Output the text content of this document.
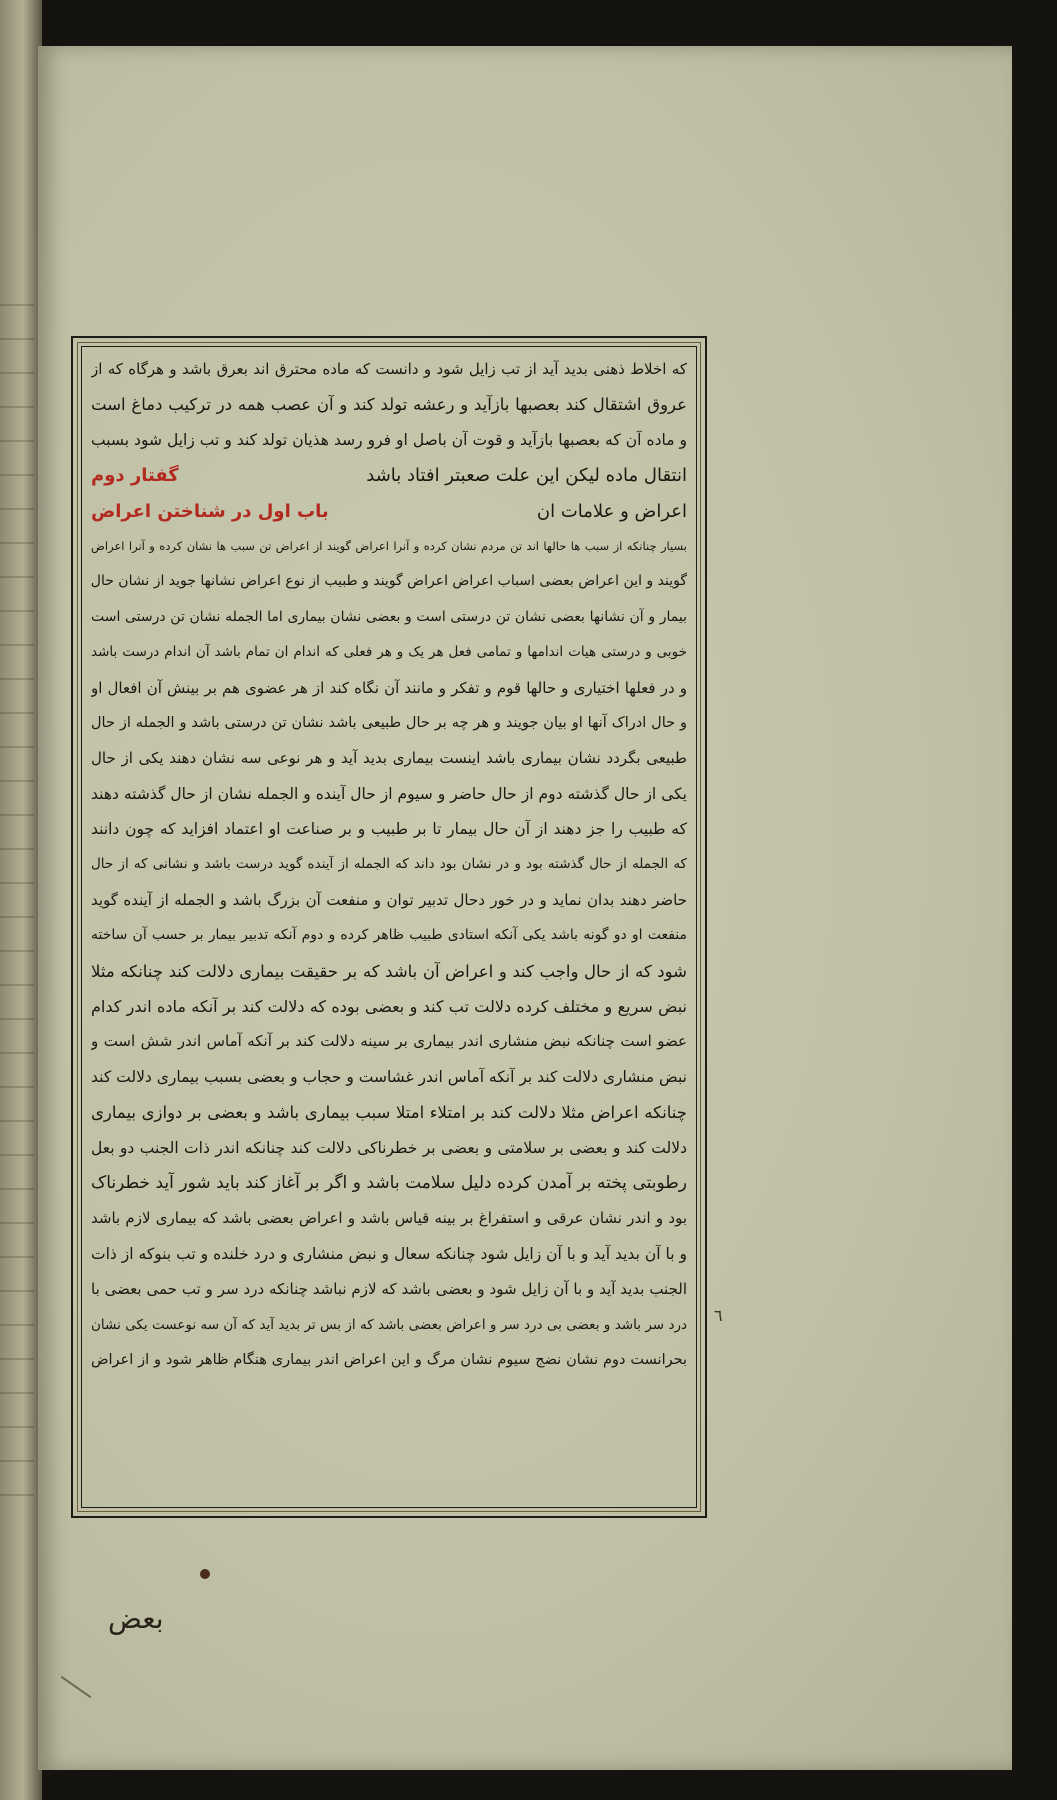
که اخلاط ذهنی بدید آید از تب زایل شود و دانست که ماده محترق اند بعرق باشد و هرگاه که از
عروق اشتقال کند بعصبها بازآید و رعشه تولد کند و آن عصب همه در ترکیب دماغ است
و ماده آن که بعصبها بازآید و قوت آن باصل او فرو رسد هذیان تولد کند و تب زایل شود بسبب
انتقال ماده لیکن این علت صعبتر افتاد باشد
گفتار دوم
اعراض و علامات ان
باب اول در شناختن اعراض
بسیار چنانکه از سبب ها حالها اند تن مردم نشان کرده و آنرا اعراض گویند از اعراض تن سبب ها نشان کرده و آنرا اعراض
گویند و این اعراض بعضی اسباب اعراض اعراض گویند و طبیب از نوع اعراض نشانها جوید از نشان حال
بیمار و آن نشانها بعضی نشان تن درستی است و بعضی نشان بیماری اما الجمله نشان تن درستی است
خوبی و درستی هیات اندامها و تمامی فعل هر یک و هر فعلی که اندام ان تمام باشد آن اندام درست باشد
و در فعلها اختیاری و حالها قوم و تفکر و مانند آن نگاه کند از هر عضوی هم بر بینش آن افعال او
و حال ادراک آنها او بیان جویند و هر چه بر حال طبیعی باشد نشان تن درستی باشد و الجمله از حال
طبیعی بگردد نشان بیماری باشد اینست بیماری بدید آید و هر نوعی سه نشان دهند یکی از حال
یکی از حال گذشته دوم از حال حاضر و سیوم از حال آینده و الجمله نشان از حال گذشته دهند
که طبیب را جز دهند از آن حال بیمار تا بر طبیب و بر صناعت او اعتماد افزاید که چون دانند
که الجمله از حال گذشته بود و در نشان بود داند که الجمله از آینده گوید درست باشد و نشانی که از حال
حاضر دهند بدان نماید و در خور دحال تدبیر توان و منفعت آن بزرگ باشد و الجمله از آینده گوید
منفعت او دو گونه باشد یکی آنکه استادی طبیب ظاهر کرده و دوم آنکه تدبیر بیمار بر حسب آن ساخته
شود که از حال واجب کند و اعراض آن باشد که بر حقیقت بیماری دلالت کند چنانکه مثلا
نبض سریع و مختلف کرده دلالت تب کند و بعضی بوده که دلالت کند بر آنکه ماده اندر کدام
عضو است چنانکه نبض منشاری اندر بیماری بر سینه دلالت کند بر آنکه آماس اندر شش است و
نبض منشاری دلالت کند بر آنکه آماس اندر غشاست و حجاب و بعضی بسبب بیماری دلالت کند
چنانکه اعراض مثلا دلالت کند بر امتلاء امتلا سبب بیماری باشد و بعضی بر دوازی بیماری
دلالت کند و بعضی بر سلامتی و بعضی بر خطرناکی دلالت کند چنانکه اندر ذات الجنب دو بعل
رطوبتی پخته بر آمدن کرده دلیل سلامت باشد و اگر بر آغاز کند باید شور آید خطرناک
بود و اندر نشان عرقی و استفراغ بر بینه قیاس باشد و اعراض بعضی باشد که بیماری لازم باشد
و با آن بدید آید و با آن زایل شود چنانکه سعال و نبض منشاری و درد خلنده و تب بنوکه از ذات
الجنب بدید آید و با آن زایل شود و بعضی باشد که لازم نباشد چنانکه درد سر و تب حمی بعضی با
درد سر باشد و بعضی بی درد سر و اعراض بعضی باشد که از بس تر بدید آید که آن سه نوعست یکی نشان
بحرانست دوم نشان نضج سیوم نشان مرگ و این اعراض اندر بیماری هنگام ظاهر شود و از اعراض
٦
بعض
